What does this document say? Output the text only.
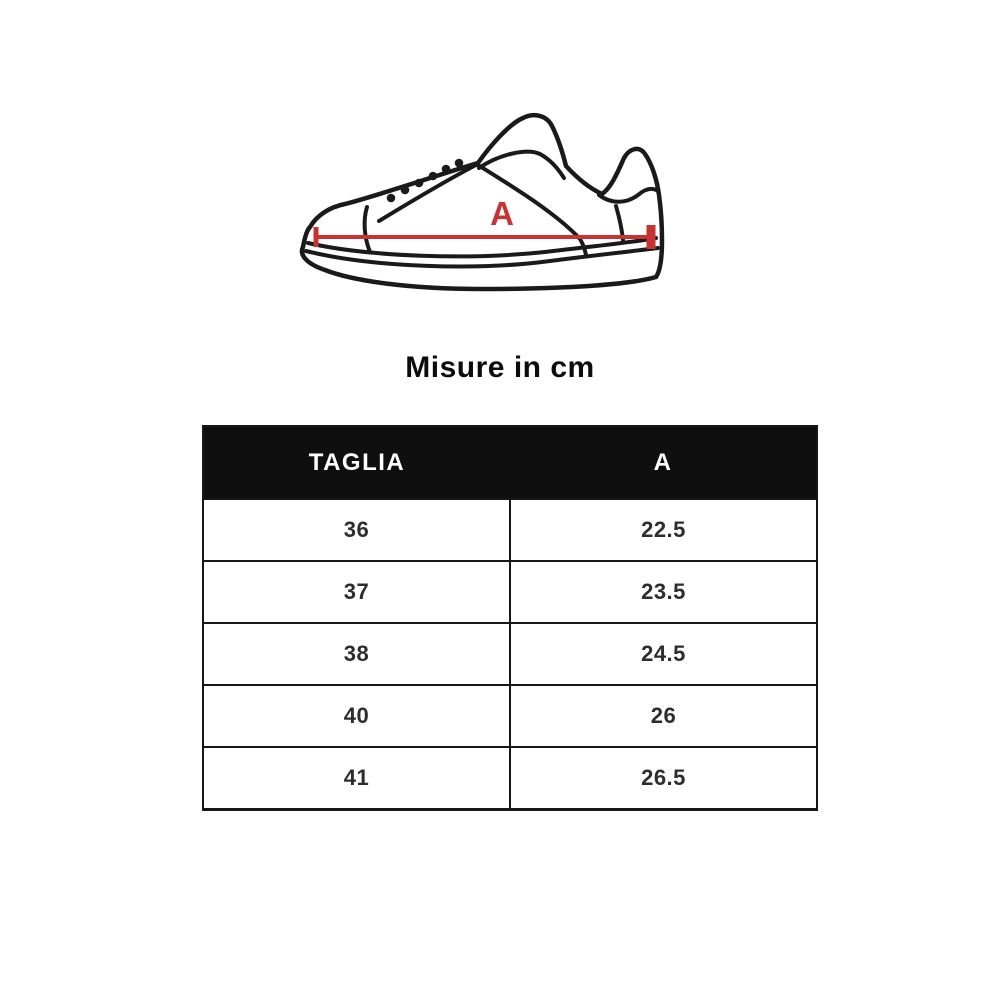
A
Misure in cm
TAGLIA	A
36	22.5
37	23.5
38	24.5
40	26
41	26.5
